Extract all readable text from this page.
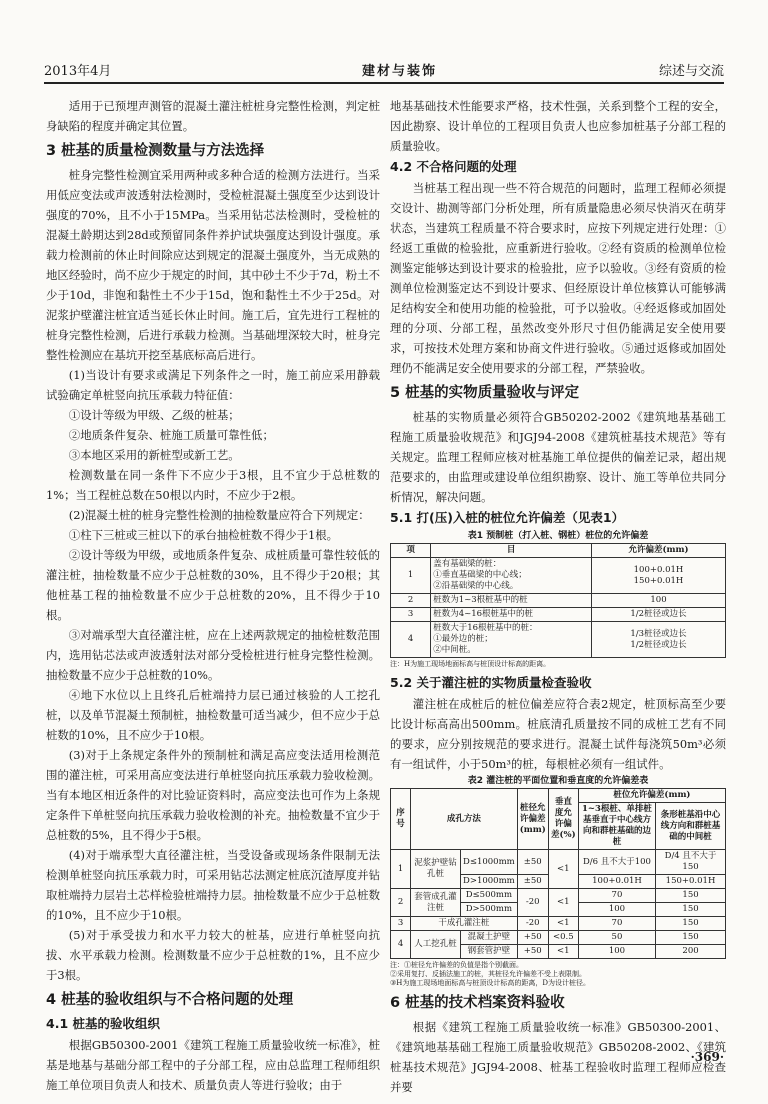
2013年4月	建材与装饰	综述与交流

适用于已预埋声测管的混凝土灌注桩桩身完整性检测，判定桩身缺陷的程度并确定其位置。

3 桩基的质量检测数量与方法选择

桩身完整性检测宜采用两种或多种合适的检测方法进行。当采用低应变法或声波透射法检测时，受检桩混凝土强度至少达到设计强度的70%，且不小于15MPa。当采用钻芯法检测时，受检桩的混凝土龄期达到28d或预留同条件养护试块强度达到设计强度。承载力检测前的休止时间除应达到规定的混凝土强度外，当无成熟的地区经验时，尚不应少于规定的时间，其中砂土不少于7d，粉土不少于10d，非饱和黏性土不少于15d，饱和黏性土不少于25d。对泥浆护壁灌注桩宜适当延长休止时间。施工后，宜先进行工程桩的桩身完整性检测，后进行承载力检测。当基础埋深较大时，桩身完整性检测应在基坑开挖至基底标高后进行。

(1)当设计有要求或满足下列条件之一时，施工前应采用静载试验确定单桩竖向抗压承载力特征值：

①设计等级为甲级、乙级的桩基；

②地质条件复杂、桩施工质量可靠性低；

③本地区采用的新桩型或新工艺。

检测数量在同一条件下不应少于3根，且不宜少于总桩数的1%；当工程桩总数在50根以内时，不应少于2根。

(2)混凝土桩的桩身完整性检测的抽检数量应符合下列规定：

①柱下三桩或三桩以下的承台抽检桩数不得少于1根。

②设计等级为甲级，或地质条件复杂、成桩质量可靠性较低的灌注桩，抽检数量不应少于总桩数的30%，且不得少于20根；其他桩基工程的抽检数量不应少于总桩数的20%，且不得少于10根。

③对端承型大直径灌注桩，应在上述两款规定的抽检桩数范围内，选用钻芯法或声波透射法对部分受检桩进行桩身完整性检测。抽检数量不应少于总桩数的10%。

④地下水位以上且终孔后桩端持力层已通过核验的人工挖孔桩，以及单节混凝土预制桩，抽检数量可适当减少，但不应少于总桩数的10%，且不应少于10根。

(3)对于上条规定条件外的预制桩和满足高应变法适用检测范围的灌注桩，可采用高应变法进行单桩竖向抗压承载力验收检测。当有本地区相近条件的对比验证资料时，高应变法也可作为上条规定条件下单桩竖向抗压承载力验收检测的补充。抽检数量不宜少于总桩数的5%，且不得少于5根。

(4)对于端承型大直径灌注桩，当受设备或现场条件限制无法检测单桩竖向抗压承载力时，可采用钻芯法测定桩底沉渣厚度并钻取桩端持力层岩土芯样检验桩端持力层。抽检数量不应少于总桩数的10%，且不应少于10根。

(5)对于承受拔力和水平力较大的桩基，应进行单桩竖向抗拔、水平承载力检测。检测数量不应少于总桩数的1%，且不应少于3根。

4 桩基的验收组织与不合格问题的处理
4.1 桩基的验收组织

根据GB50300-2001《建筑工程施工质量验收统一标准》，桩基是地基与基础分部工程中的子分部工程，应由总监理工程师组织施工单位项目负责人和技术、质量负责人等进行验收；由于

地基基础技术性能要求严格，技术性强，关系到整个工程的安全，因此勘察、设计单位的工程项目负责人也应参加桩基子分部工程的质量验收。

4.2 不合格问题的处理

当桩基工程出现一些不符合规范的问题时，监理工程师必须提交设计、勘测等部门分析处理，所有质量隐患必须尽快消灭在萌芽状态，当建筑工程质量不符合要求时，应按下列规定进行处理：①经返工重做的检验批，应重新进行验收。②经有资质的检测单位检测鉴定能够达到设计要求的检验批，应予以验收。③经有资质的检测单位检测鉴定达不到设计要求、但经原设计单位核算认可能够满足结构安全和使用功能的检验批，可予以验收。④经返修或加固处理的分项、分部工程，虽然改变外形尺寸但仍能满足安全使用要求，可按技术处理方案和协商文件进行验收。⑤通过返修或加固处理仍不能满足安全使用要求的分部工程，严禁验收。

5 桩基的实物质量验收与评定

桩基的实物质量必须符合GB50202-2002《建筑地基基础工程施工质量验收规范》和JGJ94-2008《建筑桩基技术规范》等有关规定。监理工程师应核对桩基施工单位提供的偏差记录，超出规范要求的，由监理或建设单位组织勘察、设计、施工等单位共同分析情况，解决问题。

5.1 打(压)入桩的桩位允许偏差（见表1）
表1 预制桩（打入桩、钢桩）桩位的允许偏差
项	目	允许偏差(mm)
1	盖有基础梁的桩：
①垂直基础梁的中心线；
②沿基础梁的中心线。	100+0.01H
150+0.01H
2	桩数为1~3根桩基中的桩	100
3	桩数为4~16根桩基中的桩	1/2桩径或边长
4	桩数大于16根桩基中的桩：
①最外边的桩；
②中间桩。	1/3桩径或边长
1/2桩径或边长
注：H为施工现场地面标高与桩顶设计标高的距离。
5.2 关于灌注桩的实物质量检查验收

灌注桩在成桩后的桩位偏差应符合表2规定，桩顶标高至少要比设计标高高出500mm。桩底清孔质量按不同的成桩工艺有不同的要求，应分别按规范的要求进行。混凝土试件每浇筑50m³必须有一组试件，小于50m³的桩，每根桩必须有一组试件。

表2 灌注桩的平面位置和垂直度的允许偏差表
序号	成孔方法		桩径允许偏差(mm)	垂直度允许偏差(%)	桩位允许偏差(mm)	
					1~3根桩、单排桩基垂直于中心线方向和群桩基础的边桩	条形桩基沿中心线方向和群桩基础的中间桩
1	泥浆护壁钻孔桩	D≤1000mm	±50	<1	D/6 且不大于100	D/4 且不大于150
		D>1000mm	±50		100+0.01H	150+0.01H
2	套管成孔灌注桩	D≤500mm	-20	<1	70	150
		D>500mm			100	150
3	干成孔灌注桩		-20	<1	70	150
4	人工挖孔桩	混凝土护壁	+50	<0.5	50	150
		钢套管护壁	+50	<1	100	200
注：①桩径允许偏差的负值是指个别截面。
②采用复打、反插法施工的桩，其桩径允许偏差不受上表限制。
③H为施工现场地面标高与桩顶设计标高的距离，D为设计桩径。
6 桩基的技术档案资料验收

根据《建筑工程施工质量验收统一标准》GB50300-2001、《建筑地基基础工程施工质量验收规范》GB50208-2002、《建筑桩基技术规范》JGJ94-2008、桩基工程验收时监理工程师应检查并要

·369·
